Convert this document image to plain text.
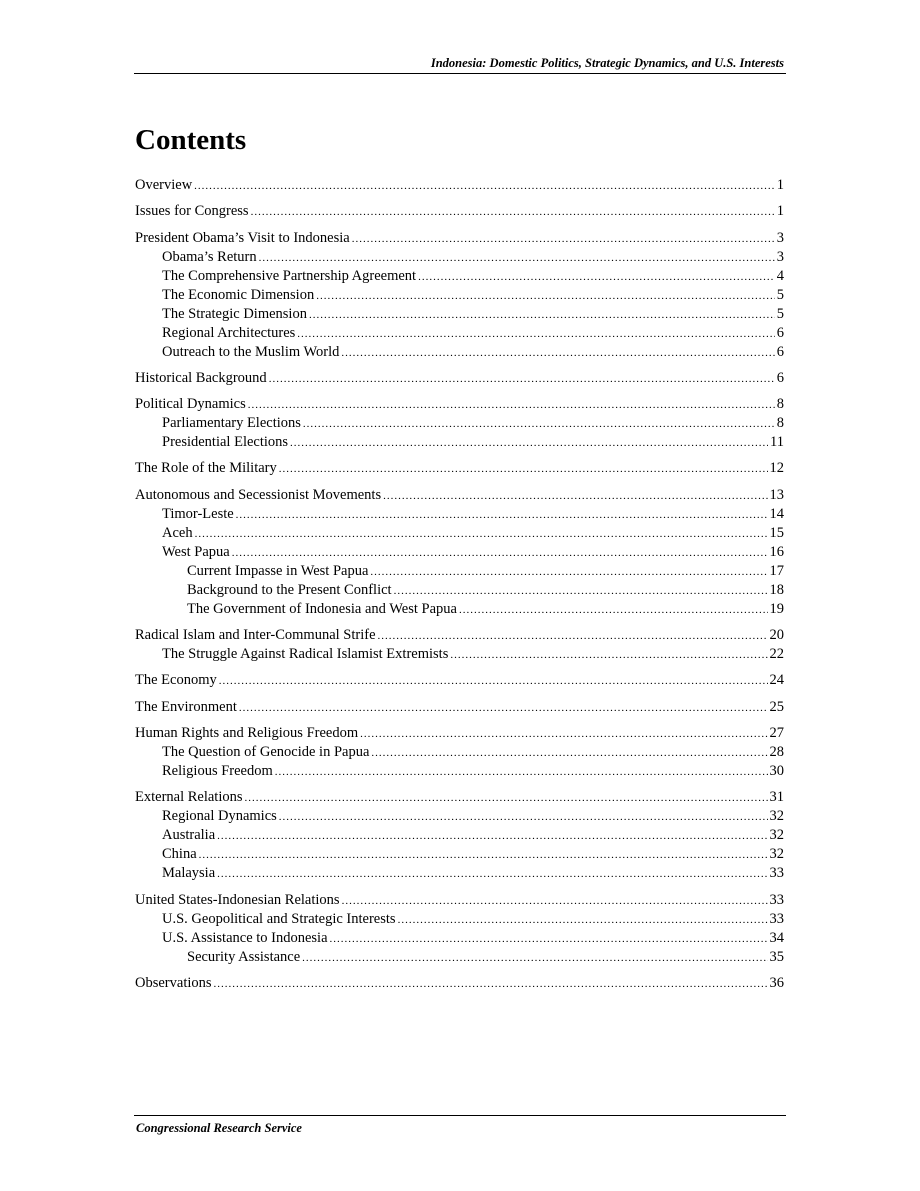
Indonesia: Domestic Politics, Strategic Dynamics, and U.S. Interests
Contents
Overview .....	1
Issues for Congress .....	1
President Obama’s Visit to Indonesia .....	3
Obama’s Return .....	3
The Comprehensive Partnership Agreement .....	4
The Economic Dimension .....	5
The Strategic Dimension .....	5
Regional Architectures .....	6
Outreach to the Muslim World .....	6
Historical Background .....	6
Political Dynamics .....	8
Parliamentary Elections .....	8
Presidential Elections .....	11
The Role of the Military .....	12
Autonomous and Secessionist Movements .....	13
Timor-Leste .....	14
Aceh .....	15
West Papua .....	16
Current Impasse in West Papua .....	17
Background to the Present Conflict .....	18
The Government of Indonesia and West Papua .....	19
Radical Islam and Inter-Communal Strife .....	20
The Struggle Against Radical Islamist Extremists .....	22
The Economy .....	24
The Environment .....	25
Human Rights and Religious Freedom .....	27
The Question of Genocide in Papua .....	28
Religious Freedom .....	30
External Relations .....	31
Regional Dynamics .....	32
Australia .....	32
China .....	32
Malaysia .....	33
United States-Indonesian Relations .....	33
U.S. Geopolitical and Strategic Interests .....	33
U.S. Assistance to Indonesia .....	34
Security Assistance .....	35
Observations .....	36
Congressional Research Service
